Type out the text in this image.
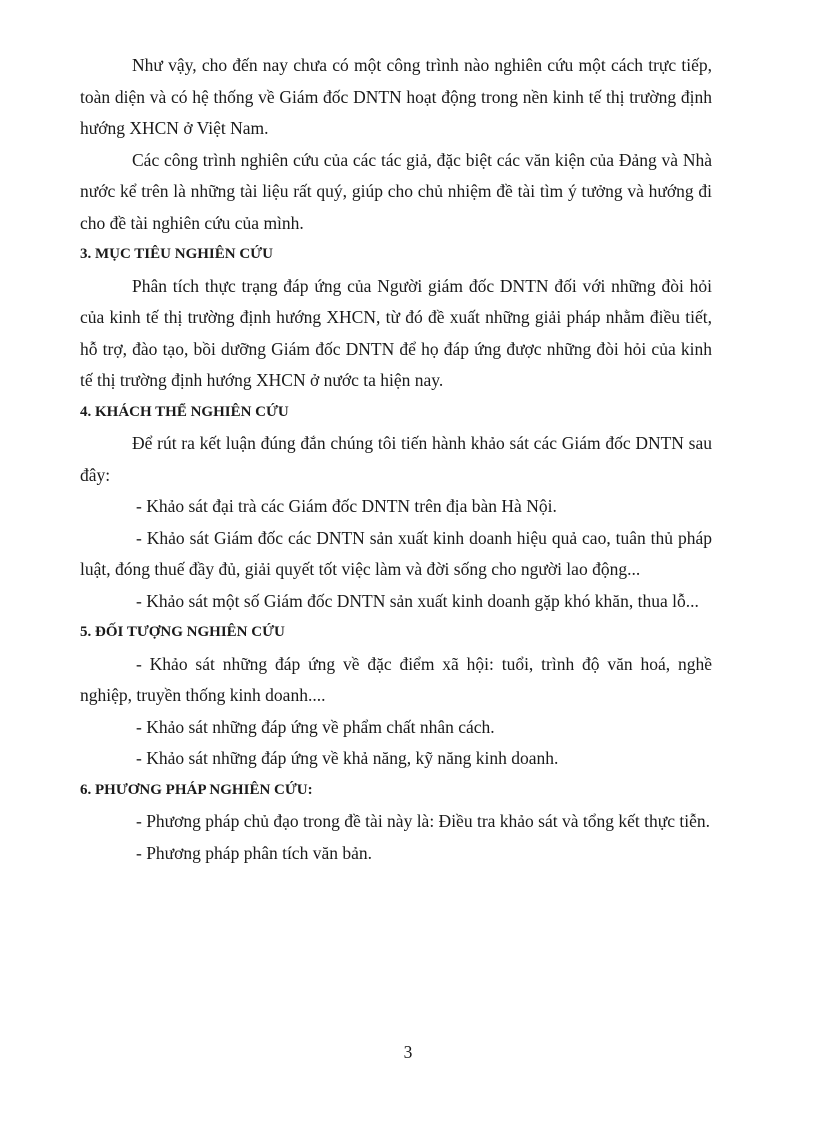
Như vậy, cho đến nay chưa có một công trình nào nghiên cứu một cách trực tiếp, toàn diện và có hệ thống về Giám đốc DNTN hoạt động trong nền kinh tế thị trường định hướng XHCN ở Việt Nam.

Các công trình nghiên cứu của các tác giả, đặc biệt các văn kiện của Đảng và Nhà nước kể trên là những tài liệu rất quý, giúp cho chủ nhiệm đề tài tìm ý tưởng và hướng đi cho đề tài nghiên cứu của mình.

3. MỤC TIÊU NGHIÊN CỨU

Phân tích thực trạng đáp ứng của Người giám đốc DNTN đối với những đòi hỏi của kinh tế thị trường định hướng XHCN, từ đó đề xuất những giải pháp nhằm điều tiết, hỗ trợ, đào tạo, bồi dưỡng Giám đốc DNTN để họ đáp ứng được những đòi hỏi của kinh tế thị trường định hướng XHCN ở nước ta hiện nay.

4. KHÁCH THỂ NGHIÊN CỨU

Để rút ra kết luận đúng đắn chúng tôi tiến hành khảo sát các Giám đốc DNTN sau đây:

- Khảo sát đại trà các Giám đốc DNTN trên địa bàn Hà Nội.

- Khảo sát Giám đốc các DNTN sản xuất kinh doanh hiệu quả cao, tuân thủ pháp luật, đóng thuế đầy đủ, giải quyết tốt việc làm và đời sống cho người lao động...

- Khảo sát một số Giám đốc DNTN sản xuất kinh doanh gặp khó khăn, thua lỗ...

5. ĐỐI TƯỢNG NGHIÊN CỨU

- Khảo sát những đáp ứng về đặc điểm xã hội: tuổi, trình độ văn hoá, nghề nghiệp, truyền thống kinh doanh....

- Khảo sát những đáp ứng về phẩm chất nhân cách.

- Khảo sát những đáp ứng về khả năng, kỹ năng kinh doanh.

6. PHƯƠNG PHÁP NGHIÊN CỨU:

- Phương pháp chủ đạo trong đề tài này là: Điều tra khảo sát và tổng kết thực tiễn.

- Phương pháp phân tích văn bản.

3
